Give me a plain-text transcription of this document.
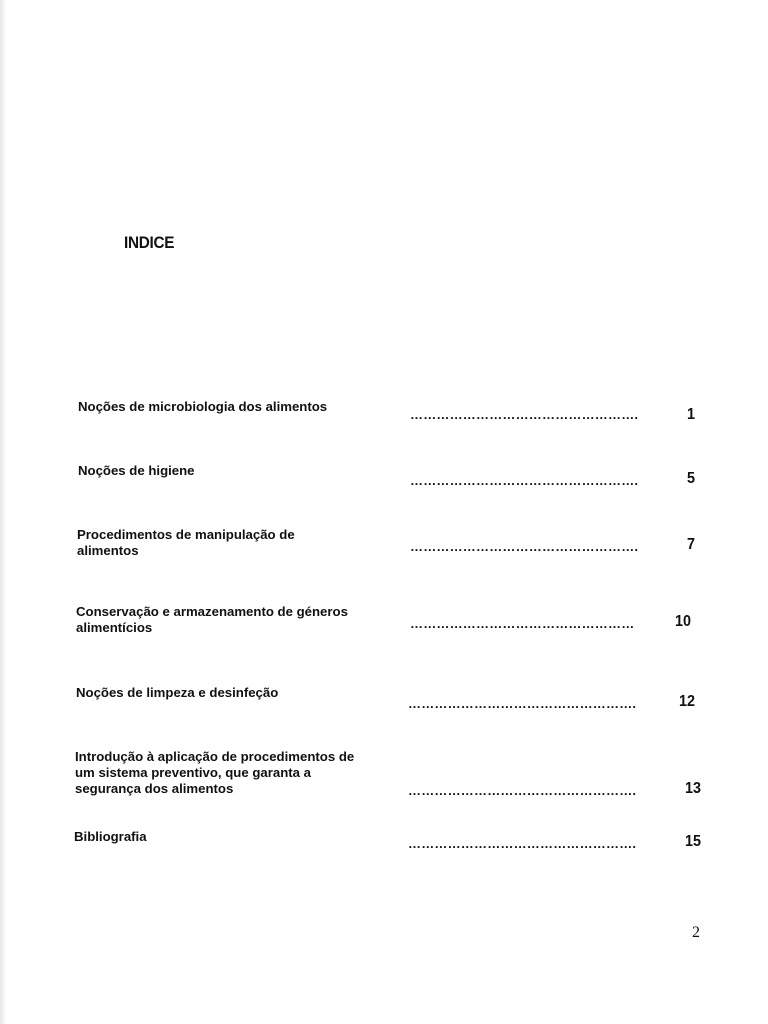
INDICE
Noções de microbiologia dos alimentos
…………………………………………….	1
Noções de higiene
…………………………………………….	5
Procedimentos de manipulação de
alimentos	…………………………………………….	7
Conservação e armazenamento de géneros
alimentícios	……………………………………………	10
Noções de limpeza e desinfeção
…………………………………………….	12
Introdução à aplicação de procedimentos de
um sistema preventivo, que garanta a
segurança dos alimentos	…………………………………………….	13
Bibliografia	…………………………………………….	15
2
